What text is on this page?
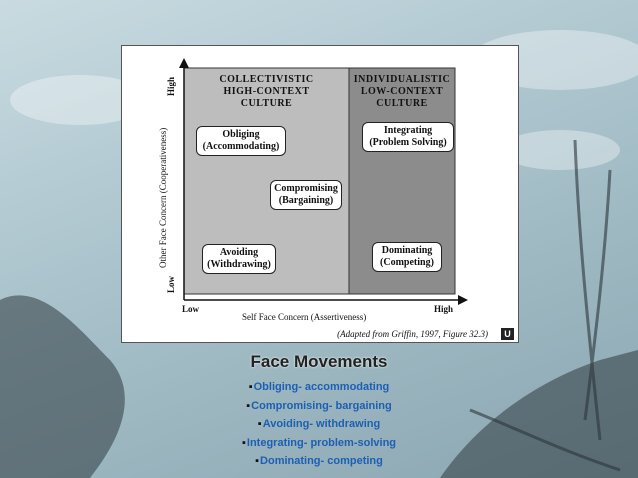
COLLECTIVISTIC
HIGH-CONTEXT
CULTURE
INDIVIDUALISTIC
LOW-CONTEXT
CULTURE
Obliging
(Accommodating)
Compromising
(Bargaining)
Avoiding
(Withdrawing)
Integrating
(Problem Solving)
Dominating
(Competing)
High
Low
Other Face Concern (Cooperativeness)
Low	High
Self Face Concern (Assertiveness)
(Adapted from Griffin, 1997, Figure 32.3)	U
Face Movements
▪ Obliging- accommodating
▪ Compromising- bargaining
▪ Avoiding- withdrawing
▪ Integrating- problem-solving
▪ Dominating- competing
